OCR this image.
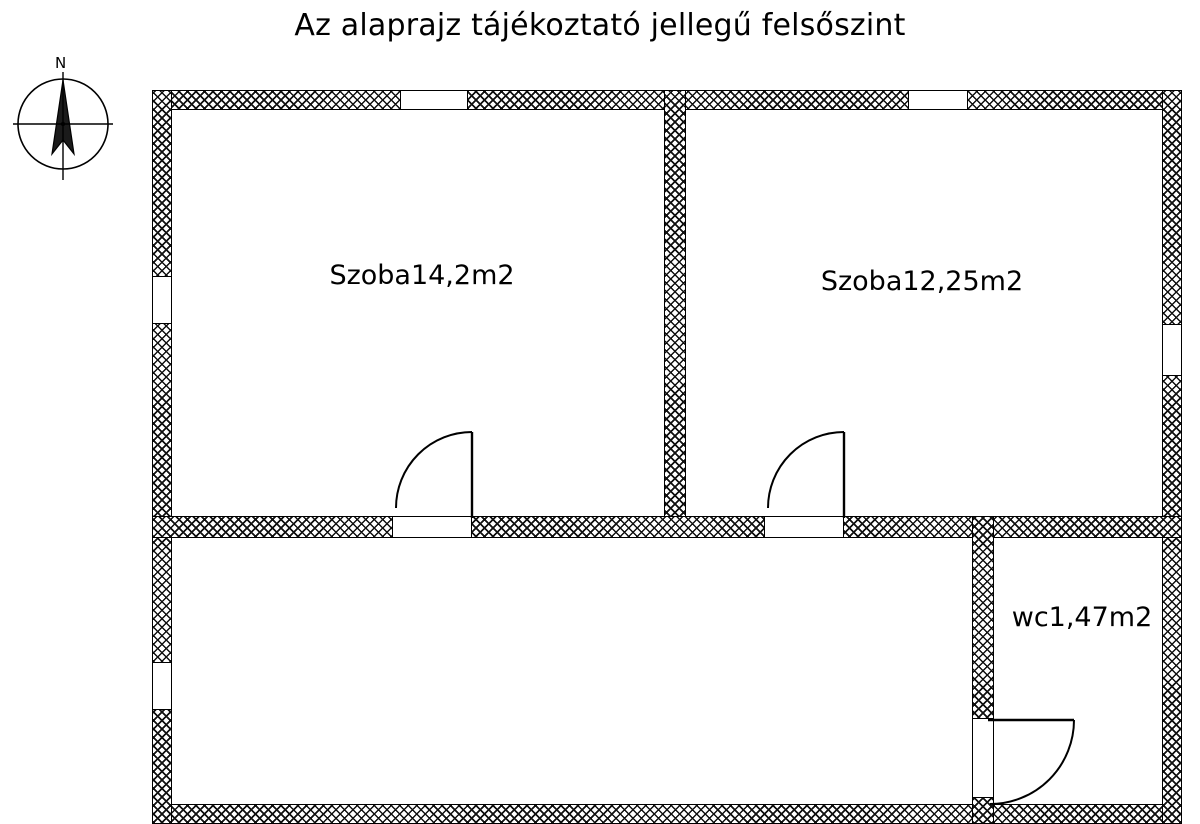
Az alaprajz tájékoztató jellegű felsőszint
N
Szoba14,2m2	Szoba12,25m2
wc1,47m2
